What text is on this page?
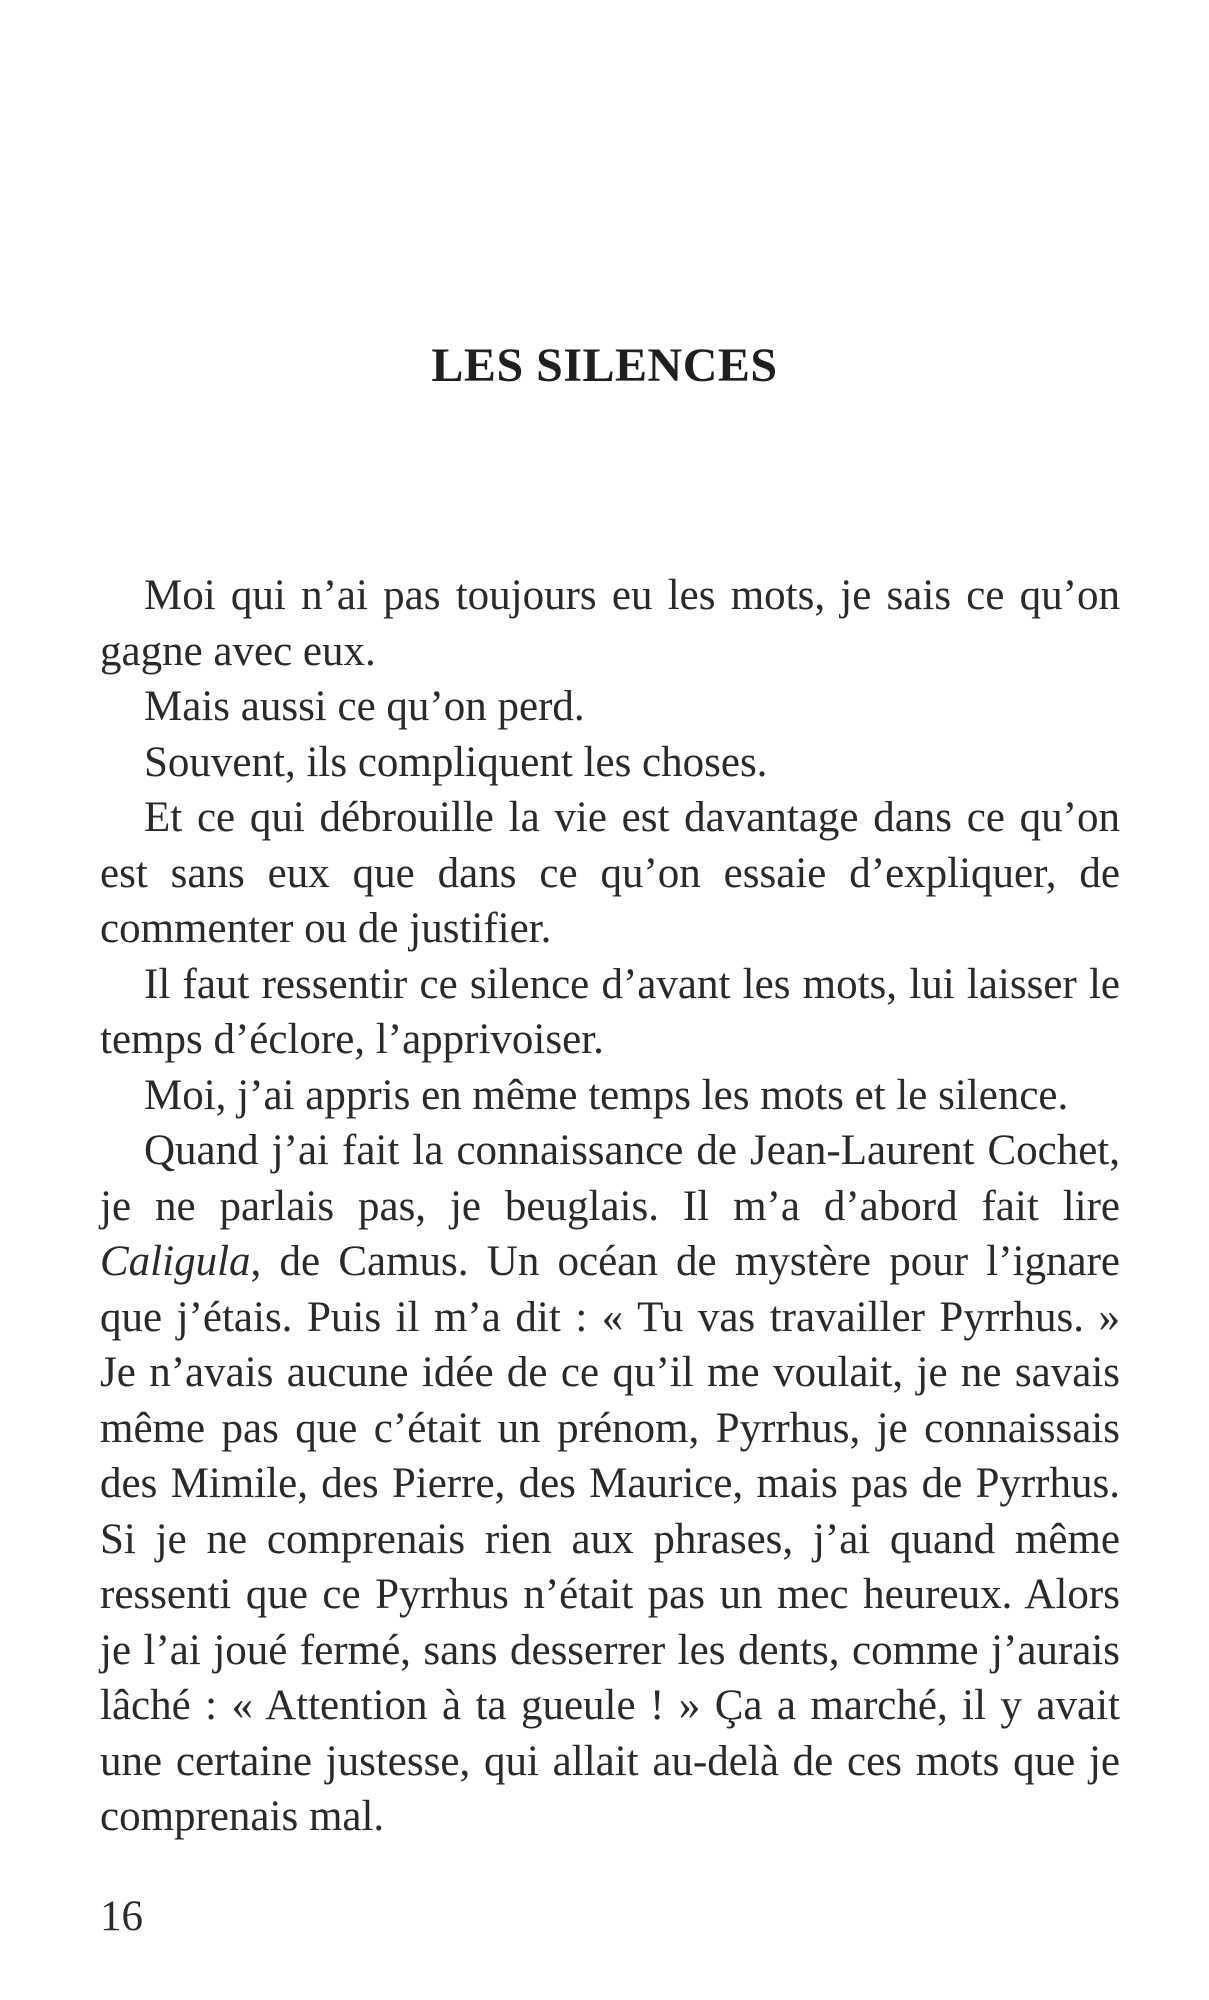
LES SILENCES

Moi qui n’ai pas toujours eu les mots, je sais ce qu’on gagne avec eux.

Mais aussi ce qu’on perd.

Souvent, ils compliquent les choses.

Et ce qui débrouille la vie est davantage dans ce qu’on est sans eux que dans ce qu’on essaie d’expliquer, de commenter ou de justifier.

Il faut ressentir ce silence d’avant les mots, lui laisser le temps d’éclore, l’apprivoiser.

Moi, j’ai appris en même temps les mots et le silence.

Quand j’ai fait la connaissance de Jean-Laurent Cochet, je ne parlais pas, je beuglais. Il m’a d’abord fait lire Caligula, de Camus. Un océan de mystère pour l’ignare que j’étais. Puis il m’a dit : « Tu vas travailler Pyrrhus. » Je n’avais aucune idée de ce qu’il me voulait, je ne savais même pas que c’était un prénom, Pyrrhus, je connaissais des Mimile, des Pierre, des Maurice, mais pas de Pyrrhus. Si je ne comprenais rien aux phrases, j’ai quand même ressenti que ce Pyrrhus n’était pas un mec heureux. Alors je l’ai joué fermé, sans desserrer les dents, comme j’aurais lâché : « Attention à ta gueule ! » Ça a marché, il y avait une certaine justesse, qui allait au-delà de ces mots que je comprenais mal.

16
